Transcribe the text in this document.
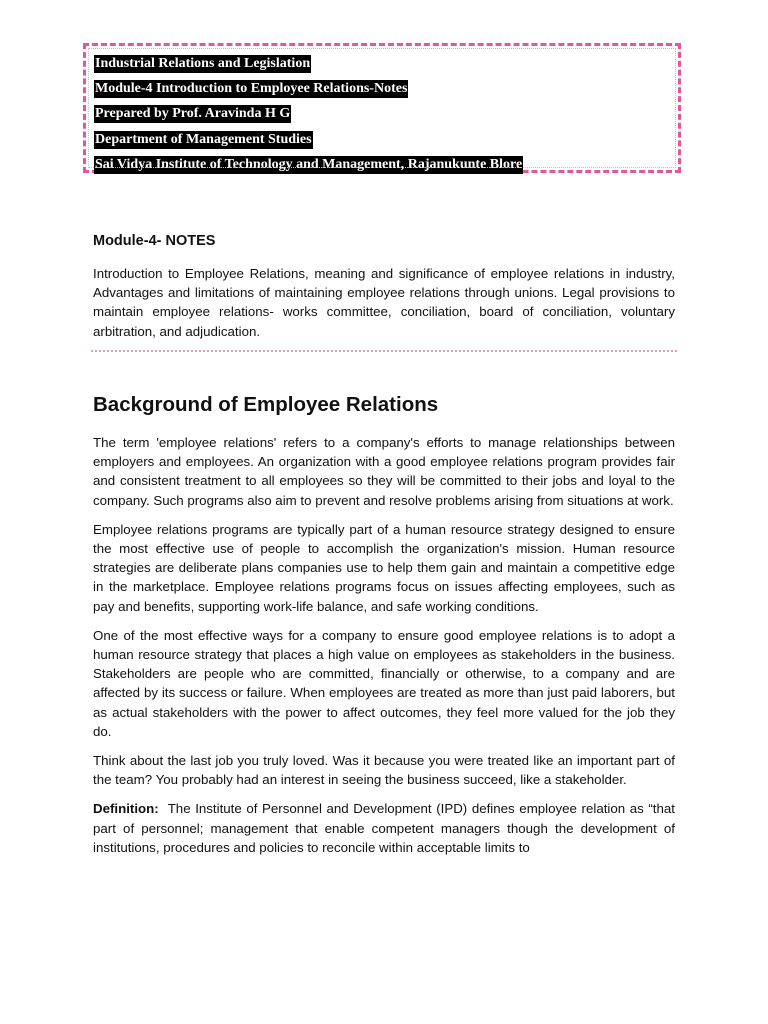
Industrial Relations and Legislation
Module-4 Introduction to Employee Relations-Notes
Prepared by Prof. Aravinda H G
Department of Management Studies
Sai Vidya Institute of Technology and Management, Rajanukunte Blore
Module-4- NOTES

Introduction to Employee Relations, meaning and significance of employee relations in industry, Advantages and limitations of maintaining employee relations through unions. Legal provisions to maintain employee relations- works committee, conciliation, board of conciliation, voluntary arbitration, and adjudication.

Background of Employee Relations

The term 'employee relations' refers to a company's efforts to manage relationships between employers and employees. An organization with a good employee relations program provides fair and consistent treatment to all employees so they will be committed to their jobs and loyal to the company. Such programs also aim to prevent and resolve problems arising from situations at work.

Employee relations programs are typically part of a human resource strategy designed to ensure the most effective use of people to accomplish the organization's mission. Human resource strategies are deliberate plans companies use to help them gain and maintain a competitive edge in the marketplace. Employee relations programs focus on issues affecting employees, such as pay and benefits, supporting work-life balance, and safe working conditions.

One of the most effective ways for a company to ensure good employee relations is to adopt a human resource strategy that places a high value on employees as stakeholders in the business. Stakeholders are people who are committed, financially or otherwise, to a company and are affected by its success or failure. When employees are treated as more than just paid laborers, but as actual stakeholders with the power to affect outcomes, they feel more valued for the job they do.

Think about the last job you truly loved. Was it because you were treated like an important part of the team? You probably had an interest in seeing the business succeed, like a stakeholder.

Definition: The Institute of Personnel and Development (IPD) defines employee relation as “that part of personnel; management that enable competent managers though the development of institutions, procedures and policies to reconcile within acceptable limits to
